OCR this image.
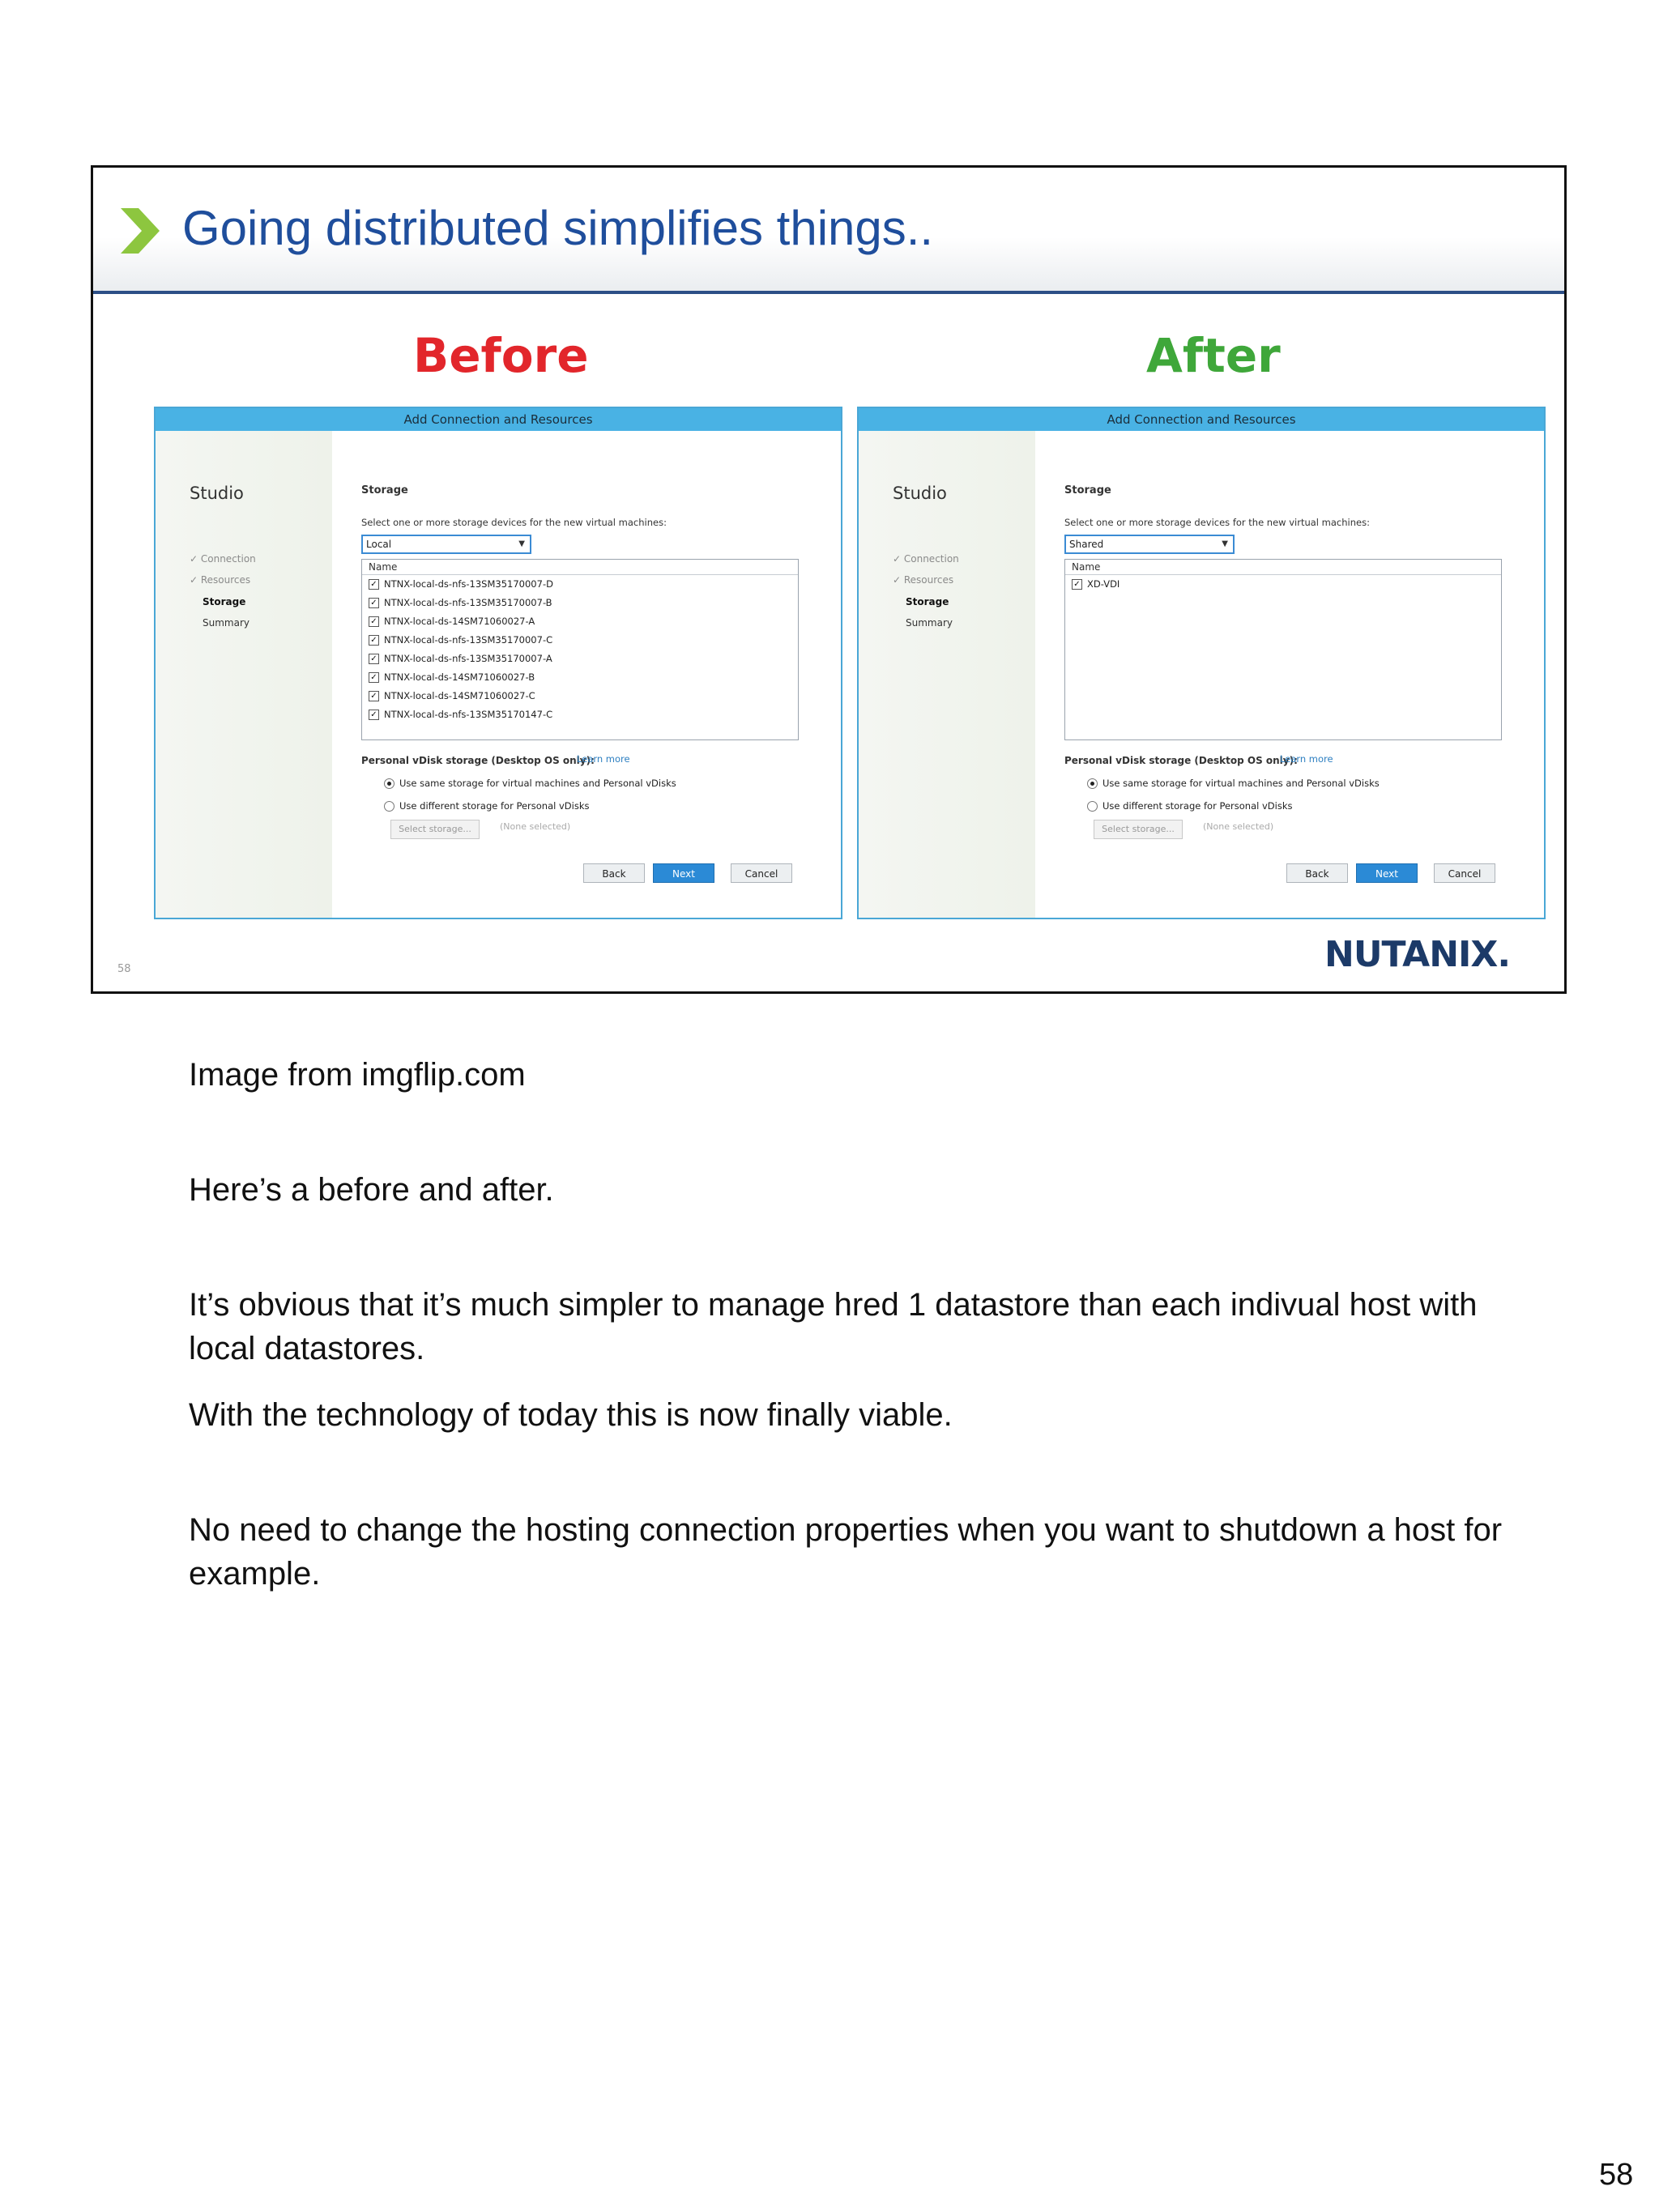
Going distributed simplifies things..
Before	After
Add Connection and Resources
Studio
✓ Connection
✓ Resources
Storage
Summary
Storage
Select one or more storage devices for the new virtual machines:
Local	▼
Name
✓ NTNX-local-ds-nfs-13SM35170007-D
✓ NTNX-local-ds-nfs-13SM35170007-B
✓ NTNX-local-ds-14SM71060027-A
✓ NTNX-local-ds-nfs-13SM35170007-C
✓ NTNX-local-ds-nfs-13SM35170007-A
✓ NTNX-local-ds-14SM71060027-B
✓ NTNX-local-ds-14SM71060027-C
✓ NTNX-local-ds-nfs-13SM35170147-C
Personal vDisk storage (Desktop OS only):
Learn more
Use same storage for virtual machines and Personal vDisks
Use different storage for Personal vDisks
Select storage...	(None selected)
Back	Next	Cancel
Add Connection and Resources
Studio
✓ Connection
✓ Resources
Storage
Summary
Storage
Select one or more storage devices for the new virtual machines:
Shared	▼
Name
✓ XD-VDI
Personal vDisk storage (Desktop OS only):
Learn more
Use same storage for virtual machines and Personal vDisks
Use different storage for Personal vDisks
Select storage...	(None selected)
Back	Next	Cancel
58	NUTANIX.
Image from imgflip.com
Here’s a before and after.
It’s obvious that it’s much simpler to manage hred 1 datastore than each indivual host with local datastores.
With the technology of today this is now finally viable.
No need to change the hosting connection properties when you want to shutdown a host for example.
58
